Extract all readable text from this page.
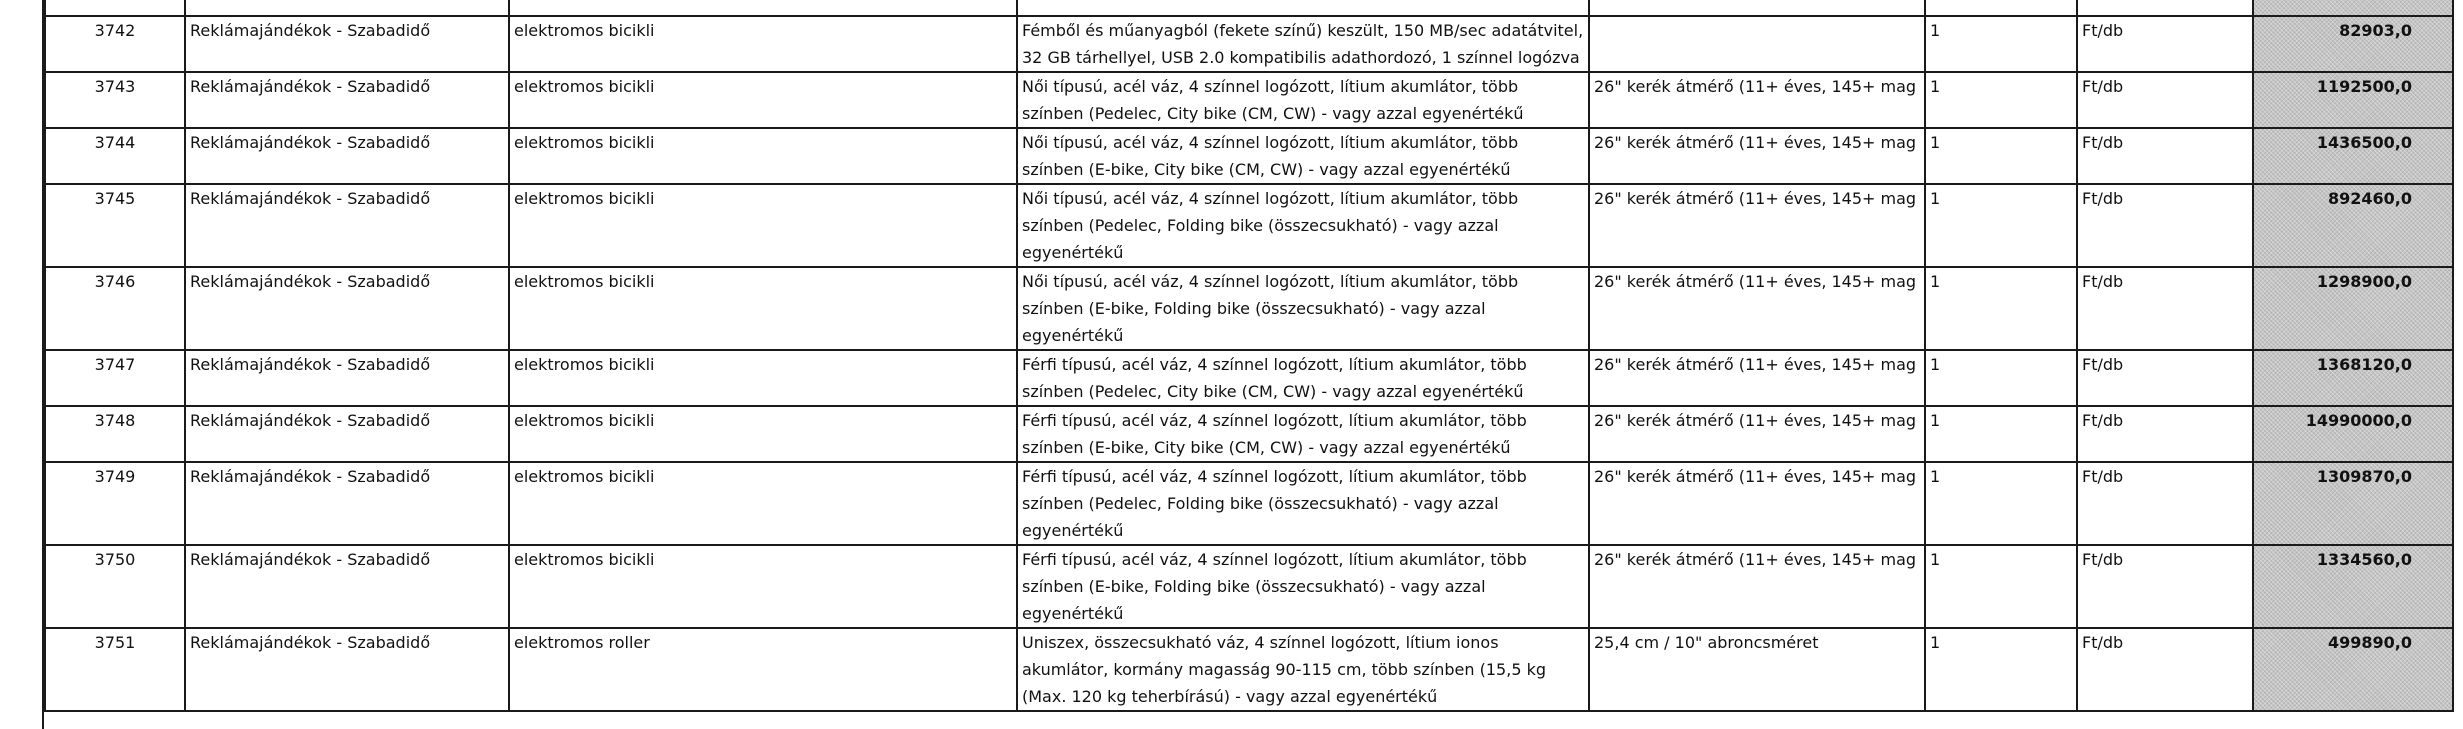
3742	Reklámajándékok - Szabadidő	elektromos bicikli	Fémből és műanyagból (fekete színű) keszült, 150 MB/sec adatátvitel, 32 GB tárhellyel, USB 2.0 kompatibilis adathordozó, 1 színnel logózva		1	Ft/db	82903,0
3743	Reklámajándékok - Szabadidő	elektromos bicikli	Női típusú, acél váz, 4 színnel logózott, lítium akumlátor, több színben (Pedelec, City bike (CM, CW) - vagy azzal egyenértékű	26" kerék átmérő (11+ éves, 145+ mag	1	Ft/db	1192500,0
3744	Reklámajándékok - Szabadidő	elektromos bicikli	Női típusú, acél váz, 4 színnel logózott, lítium akumlátor, több színben (E-bike, City bike (CM, CW) - vagy azzal egyenértékű	26" kerék átmérő (11+ éves, 145+ mag	1	Ft/db	1436500,0
3745	Reklámajándékok - Szabadidő	elektromos bicikli	Női típusú, acél váz, 4 színnel logózott, lítium akumlátor, több színben (Pedelec, Folding bike (összecsukható) - vagy azzal egyenértékű	26" kerék átmérő (11+ éves, 145+ mag	1	Ft/db	892460,0
3746	Reklámajándékok - Szabadidő	elektromos bicikli	Női típusú, acél váz, 4 színnel logózott, lítium akumlátor, több színben (E-bike, Folding bike (összecsukható) - vagy azzal egyenértékű	26" kerék átmérő (11+ éves, 145+ mag	1	Ft/db	1298900,0
3747	Reklámajándékok - Szabadidő	elektromos bicikli	Férfi típusú, acél váz, 4 színnel logózott, lítium akumlátor, több színben (Pedelec, City bike (CM, CW) - vagy azzal egyenértékű	26" kerék átmérő (11+ éves, 145+ mag	1	Ft/db	1368120,0
3748	Reklámajándékok - Szabadidő	elektromos bicikli	Férfi típusú, acél váz, 4 színnel logózott, lítium akumlátor, több színben (E-bike, City bike (CM, CW) - vagy azzal egyenértékű	26" kerék átmérő (11+ éves, 145+ mag	1	Ft/db	14990000,0
3749	Reklámajándékok - Szabadidő	elektromos bicikli	Férfi típusú, acél váz, 4 színnel logózott, lítium akumlátor, több színben (Pedelec, Folding bike (összecsukható) - vagy azzal egyenértékű	26" kerék átmérő (11+ éves, 145+ mag	1	Ft/db	1309870,0
3750	Reklámajándékok - Szabadidő	elektromos bicikli	Férfi típusú, acél váz, 4 színnel logózott, lítium akumlátor, több színben (E-bike, Folding bike (összecsukható) - vagy azzal egyenértékű	26" kerék átmérő (11+ éves, 145+ mag	1	Ft/db	1334560,0
3751	Reklámajándékok - Szabadidő	elektromos roller	Uniszex, összecsukható váz, 4 színnel logózott, lítium ionos akumlátor, kormány magasság 90-115 cm, több színben (15,5 kg (Max. 120 kg teherbírású) - vagy azzal egyenértékű	25,4 cm / 10" abroncsméret	1	Ft/db	499890,0
